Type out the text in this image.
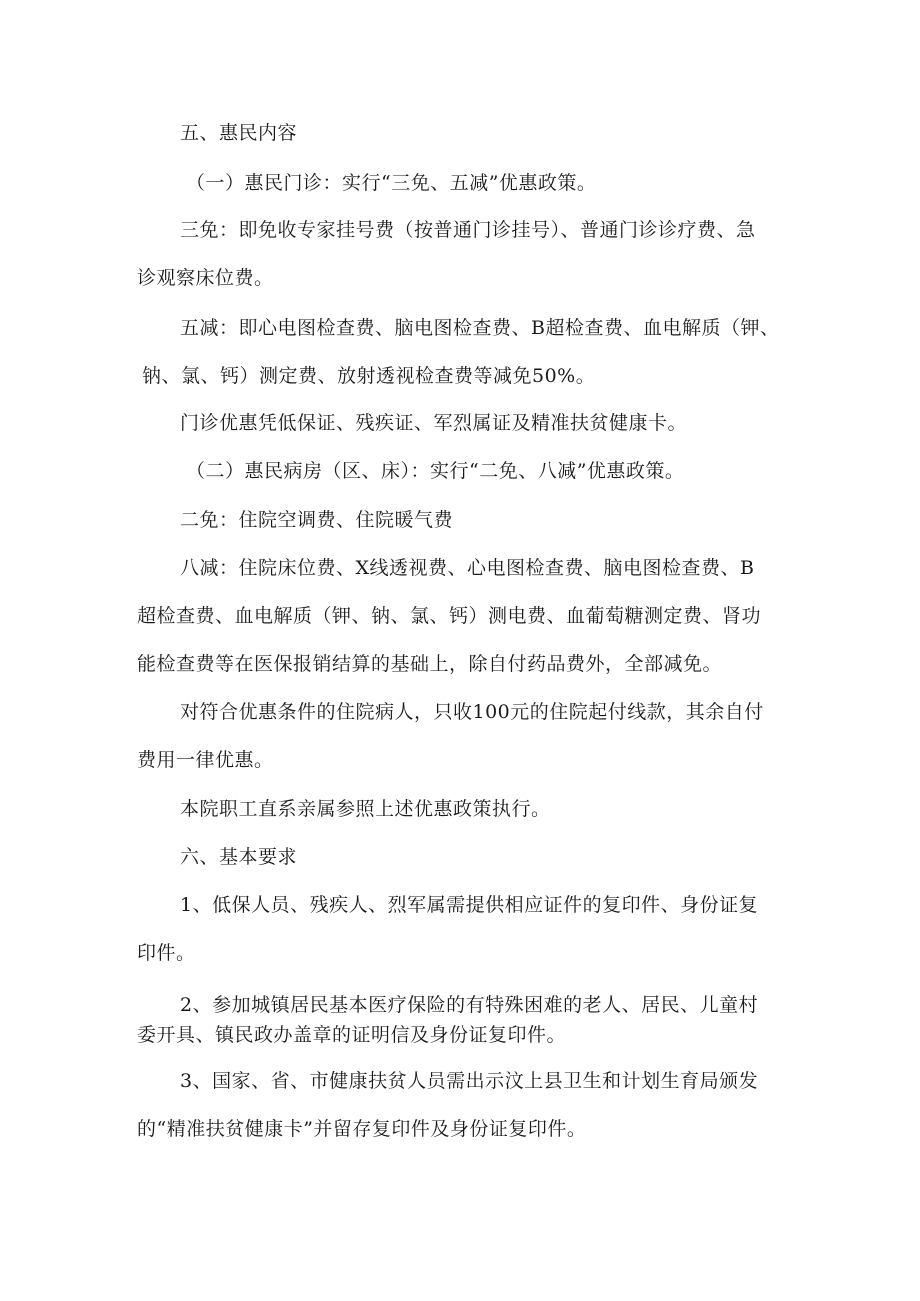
五、惠民内容
（一）惠民门诊：实行“三免、五减”优惠政策。
三免：即免收专家挂号费（按普通门诊挂号）、普通门诊诊疗费、急
诊观察床位费。
五减：即心电图检查费、脑电图检查费、B超检查费、血电解质（钾、
钠、氯、钙）测定费、放射透视检查费等减免50%。
门诊优惠凭低保证、残疾证、军烈属证及精准扶贫健康卡。
（二）惠民病房（区、床）：实行“二免、八减”优惠政策。
二免：住院空调费、住院暖气费
八减：住院床位费、X线透视费、心电图检查费、脑电图检查费、B
超检查费、血电解质（钾、钠、氯、钙）测电费、血葡萄糖测定费、肾功
能检查费等在医保报销结算的基础上，除自付药品费外，全部减免。
对符合优惠条件的住院病人，只收100元的住院起付线款，其余自付
费用一律优惠。
本院职工直系亲属参照上述优惠政策执行。
六、基本要求
1、低保人员、残疾人、烈军属需提供相应证件的复印件、身份证复
印件。
2、参加城镇居民基本医疗保险的有特殊困难的老人、居民、儿童村
委开具、镇民政办盖章的证明信及身份证复印件。
3、国家、省、市健康扶贫人员需出示汶上县卫生和计划生育局颁发
的“精准扶贫健康卡”并留存复印件及身份证复印件。
